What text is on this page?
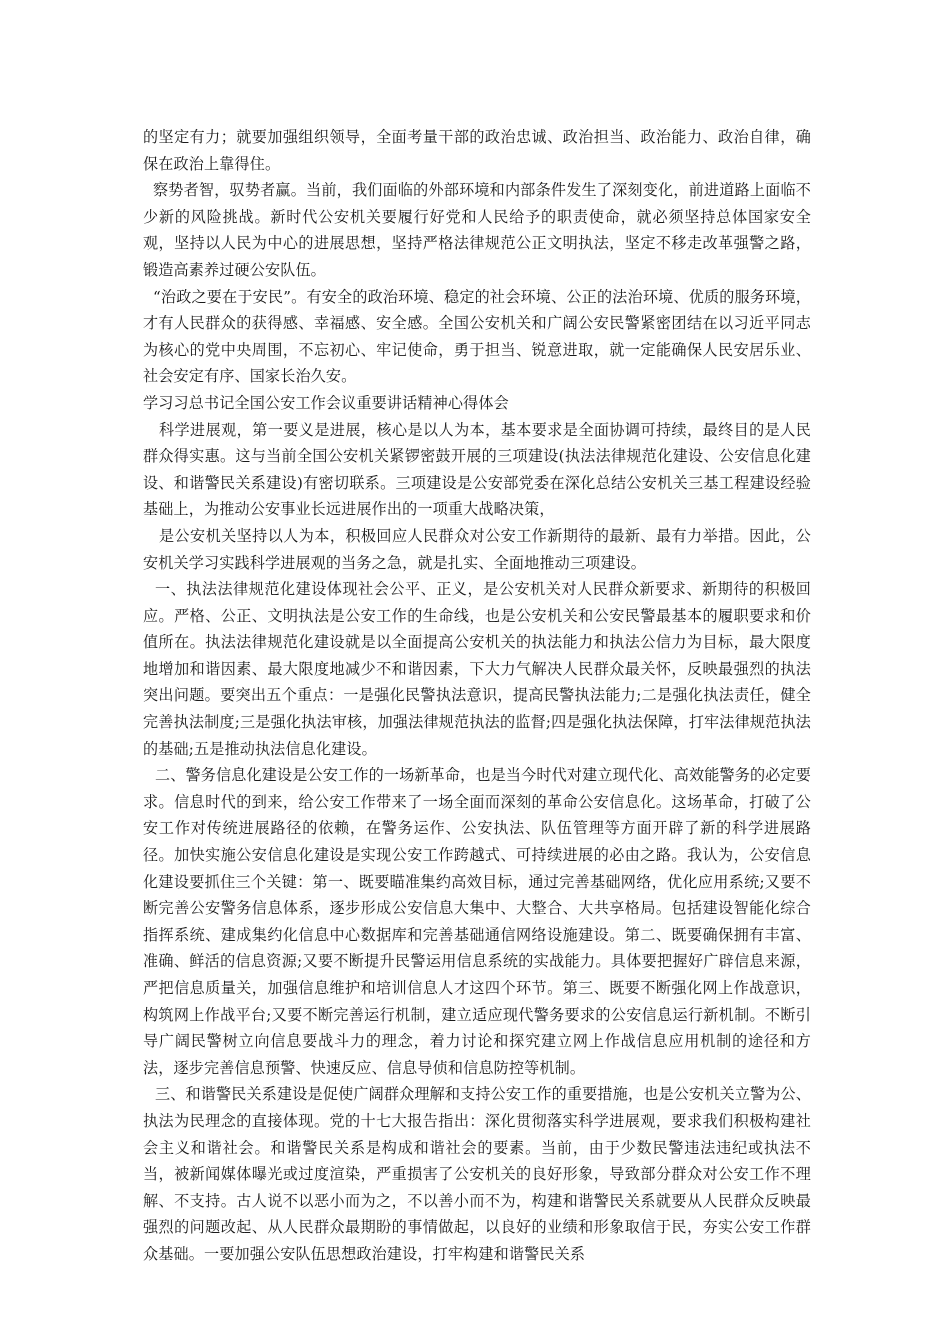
的坚定有力；就要加强组织领导，全面考量干部的政治忠诚、政治担当、政治能力、政治自律，确保在政治上靠得住。

察势者智，驭势者赢。当前，我们面临的外部环境和内部条件发生了深刻变化，前进道路上面临不少新的风险挑战。新时代公安机关要履行好党和人民给予的职责使命，就必须坚持总体国家安全观，坚持以人民为中心的进展思想，坚持严格法律规范公正文明执法，坚定不移走改革强警之路，锻造高素养过硬公安队伍。

“治政之要在于安民”。有安全的政治环境、稳定的社会环境、公正的法治环境、优质的服务环境，才有人民群众的获得感、幸福感、安全感。全国公安机关和广阔公安民警紧密团结在以习近平同志为核心的党中央周围，不忘初心、牢记使命，勇于担当、锐意进取，就一定能确保人民安居乐业、社会安定有序、国家长治久安。

学习习总书记全国公安工作会议重要讲话精神心得体会

科学进展观，第一要义是进展，核心是以人为本，基本要求是全面协调可持续，最终目的是人民群众得实惠。这与当前全国公安机关紧锣密鼓开展的三项建设(执法法律规范化建设、公安信息化建设、和谐警民关系建设)有密切联系。三项建设是公安部党委在深化总结公安机关三基工程建设经验基础上，为推动公安事业长远进展作出的一项重大战略决策，

是公安机关坚持以人为本，积极回应人民群众对公安工作新期待的最新、最有力举措。因此，公安机关学习实践科学进展观的当务之急，就是扎实、全面地推动三项建设。

一、执法法律规范化建设体现社会公平、正义，是公安机关对人民群众新要求、新期待的积极回应。严格、公正、文明执法是公安工作的生命线，也是公安机关和公安民警最基本的履职要求和价值所在。执法法律规范化建设就是以全面提高公安机关的执法能力和执法公信力为目标，最大限度地增加和谐因素、最大限度地减少不和谐因素，下大力气解决人民群众最关怀，反映最强烈的执法突出问题。要突出五个重点：一是强化民警执法意识，提高民警执法能力;二是强化执法责任，健全完善执法制度;三是强化执法审核，加强法律规范执法的监督;四是强化执法保障，打牢法律规范执法的基础;五是推动执法信息化建设。

二、警务信息化建设是公安工作的一场新革命，也是当今时代对建立现代化、高效能警务的必定要求。信息时代的到来，给公安工作带来了一场全面而深刻的革命公安信息化。这场革命，打破了公安工作对传统进展路径的依赖，在警务运作、公安执法、队伍管理等方面开辟了新的科学进展路径。加快实施公安信息化建设是实现公安工作跨越式、可持续进展的必由之路。我认为，公安信息化建设要抓住三个关键：第一、既要瞄准集约高效目标，通过完善基础网络，优化应用系统;又要不断完善公安警务信息体系，逐步形成公安信息大集中、大整合、大共享格局。包括建设智能化综合指挥系统、建成集约化信息中心数据库和完善基础通信网络设施建设。第二、既要确保拥有丰富、准确、鲜活的信息资源;又要不断提升民警运用信息系统的实战能力。具体要把握好广辟信息来源，严把信息质量关，加强信息维护和培训信息人才这四个环节。第三、既要不断强化网上作战意识，构筑网上作战平台;又要不断完善运行机制，建立适应现代警务要求的公安信息运行新机制。不断引导广阔民警树立向信息要战斗力的理念，着力讨论和探究建立网上作战信息应用机制的途径和方法，逐步完善信息预警、快速反应、信息导侦和信息防控等机制。

三、和谐警民关系建设是促使广阔群众理解和支持公安工作的重要措施，也是公安机关立警为公、执法为民理念的直接体现。党的十七大报告指出：深化贯彻落实科学进展观，要求我们积极构建社会主义和谐社会。和谐警民关系是构成和谐社会的要素。当前，由于少数民警违法违纪或执法不当，被新闻媒体曝光或过度渲染，严重损害了公安机关的良好形象，导致部分群众对公安工作不理解、不支持。古人说不以恶小而为之，不以善小而不为，构建和谐警民关系就要从人民群众反映最强烈的问题改起、从人民群众最期盼的事情做起，以良好的业绩和形象取信于民，夯实公安工作群众基础。一要加强公安队伍思想政治建设，打牢构建和谐警民关系
